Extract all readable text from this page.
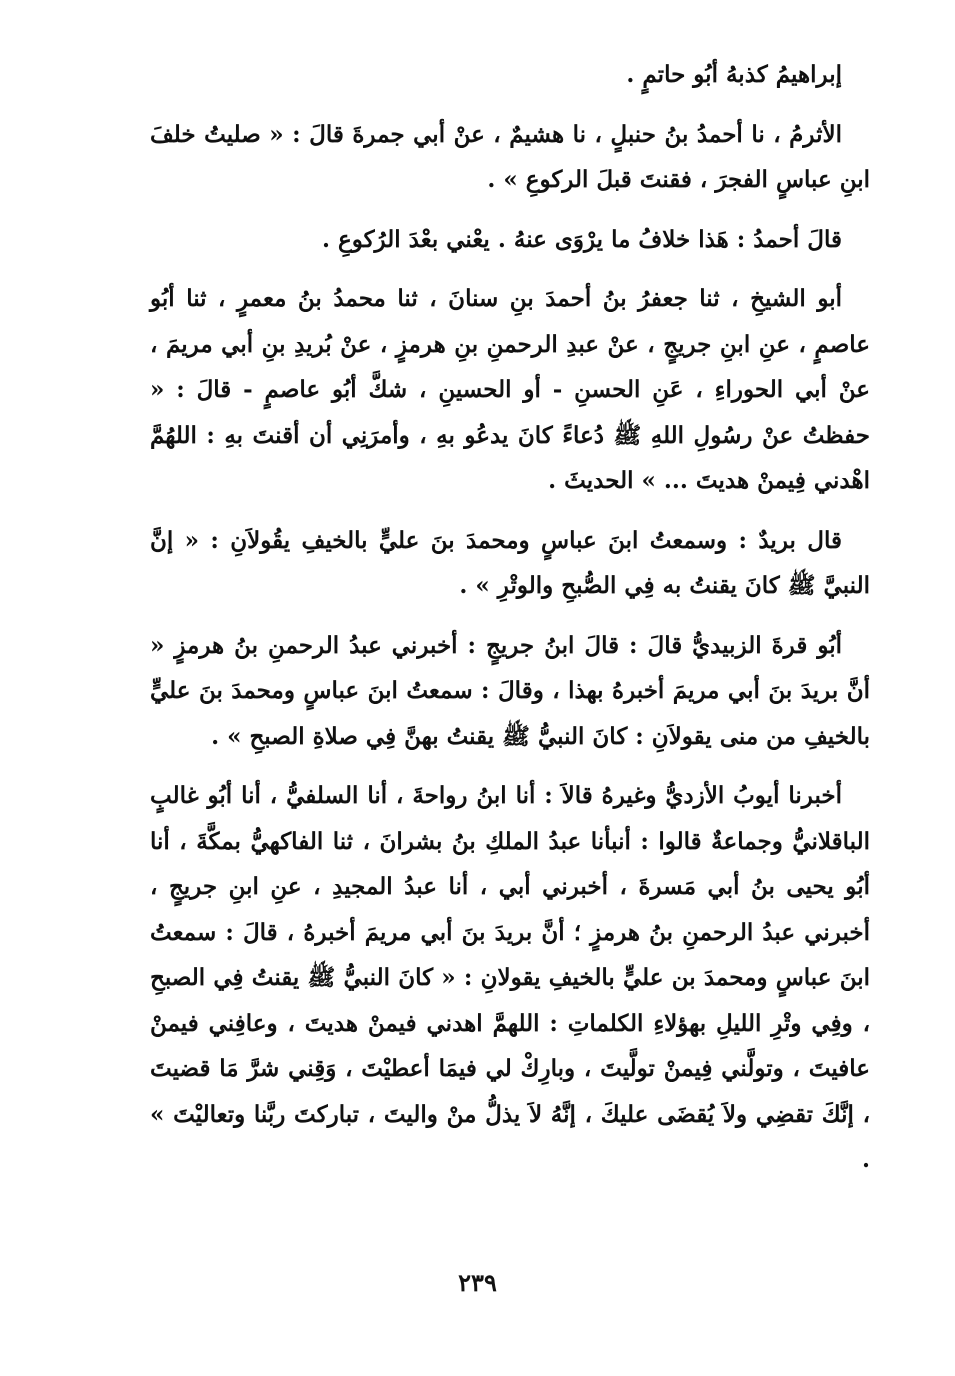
إبراهيمُ كذبهُ أبُو حاتمٍ .

الأثرمُ ، نا أحمدُ بنُ حنبلٍ ، نا هشيمٌ ، عنْ أبي جمرةَ قالَ : « صليتُ خلفَ ابنِ عباسٍ الفجرَ ، فقنتَ قبلَ الركوعِ » .

قالَ أحمدُ : هَذا خلافُ ما يرْوَى عنهُ . يعْني بعْدَ الرُكوعِ .

أبو الشيخِ ، ثنا جعفرُ بنُ أحمدَ بنِ سنانَ ، ثنا محمدُ بنُ معمرٍ ، ثنا أبُو عاصمٍ ، عنِ ابنِ جريجٍ ، عنْ عبدِ الرحمنِ بنِ هرمزٍ ، عنْ بُريدِ بنِ أبي مريمَ ، عنْ أبي الحوراءِ ، عَنِ الحسنِ - أو الحسينِ ، شكَّ أبُو عاصمٍ - قالَ : « حفظتُ عنْ رسُولِ اللهِ ﷺ دُعاءً كانَ يدعُو بهِ ، وأمرَنِي أن أقنتَ بهِ : اللهُمَّ اهْدني فِيمنْ هديتَ ... » الحديثَ .

قال بريدٌ : وسمعتُ ابنَ عباسٍ ومحمدَ بنَ عليٍّ بالخيفِ يقُولاَنِ : « إنَّ النبيَّ ﷺ كانَ يقنتُ به فِي الصُّبحِ والوتْرِ » .

أبُو قرةَ الزبيديُّ قالَ : قالَ ابنُ جريجٍ : أخبرني عبدُ الرحمنِ بنُ هرمزٍ « أنَّ بريدَ بنَ أبي مريمَ أخبرهُ بهذا ، وقالَ : سمعتُ ابنَ عباسٍ ومحمدَ بنَ عليٍّ بالخيفِ من منى يقولاَنِ : كانَ النبيُّ ﷺ يقنتُ بهنَّ فِي صلاةِ الصبحِ » .

أخبرنا أيوبُ الأزديُّ وغيرهُ قالاَ : أنا ابنُ رواحةَ ، أنا السلفيُّ ، أنا أبُو غالبٍ الباقلانيُّ وجماعةٌ قالوا : أنبأنا عبدُ الملكِ بنُ بشرانَ ، ثنا الفاكهيُّ بمكَّةَ ، أنا أبُو يحيى بنُ أبي مَسرةَ ، أخبرني أبي ، أنا عبدُ المجيدِ ، عنِ ابنِ جريجٍ ، أخبرني عبدُ الرحمنِ بنُ هرمزٍ ؛ أنَّ بريدَ بنَ أبي مريمَ أخبرهُ ، قالَ : سمعتُ ابنَ عباسٍ ومحمدَ بن عليٍّ بالخيفِ يقولانِ : « كانَ النبيُّ ﷺ يقنتُ فِي الصبحِ ، وفِي وتْرِ الليلِ بهؤلاءِ الكلماتِ : اللهمَّ اهدني فيمنْ هديتَ ، وعافِني فيمنْ عافيتَ ، وتولَّني فِيمنْ تولَّيتَ ، وبارِكْ لي فيمَا أعطيْتَ ، وَقِني شرَّ مَا قضيتَ ، إنَّكَ تقضِي ولاَ يُقضَى عليكَ ، إنَّهُ لاَ يذلُّ منْ واليتَ ، تباركتَ ربَّنا وتعاليْتَ » .

٢٣٩
